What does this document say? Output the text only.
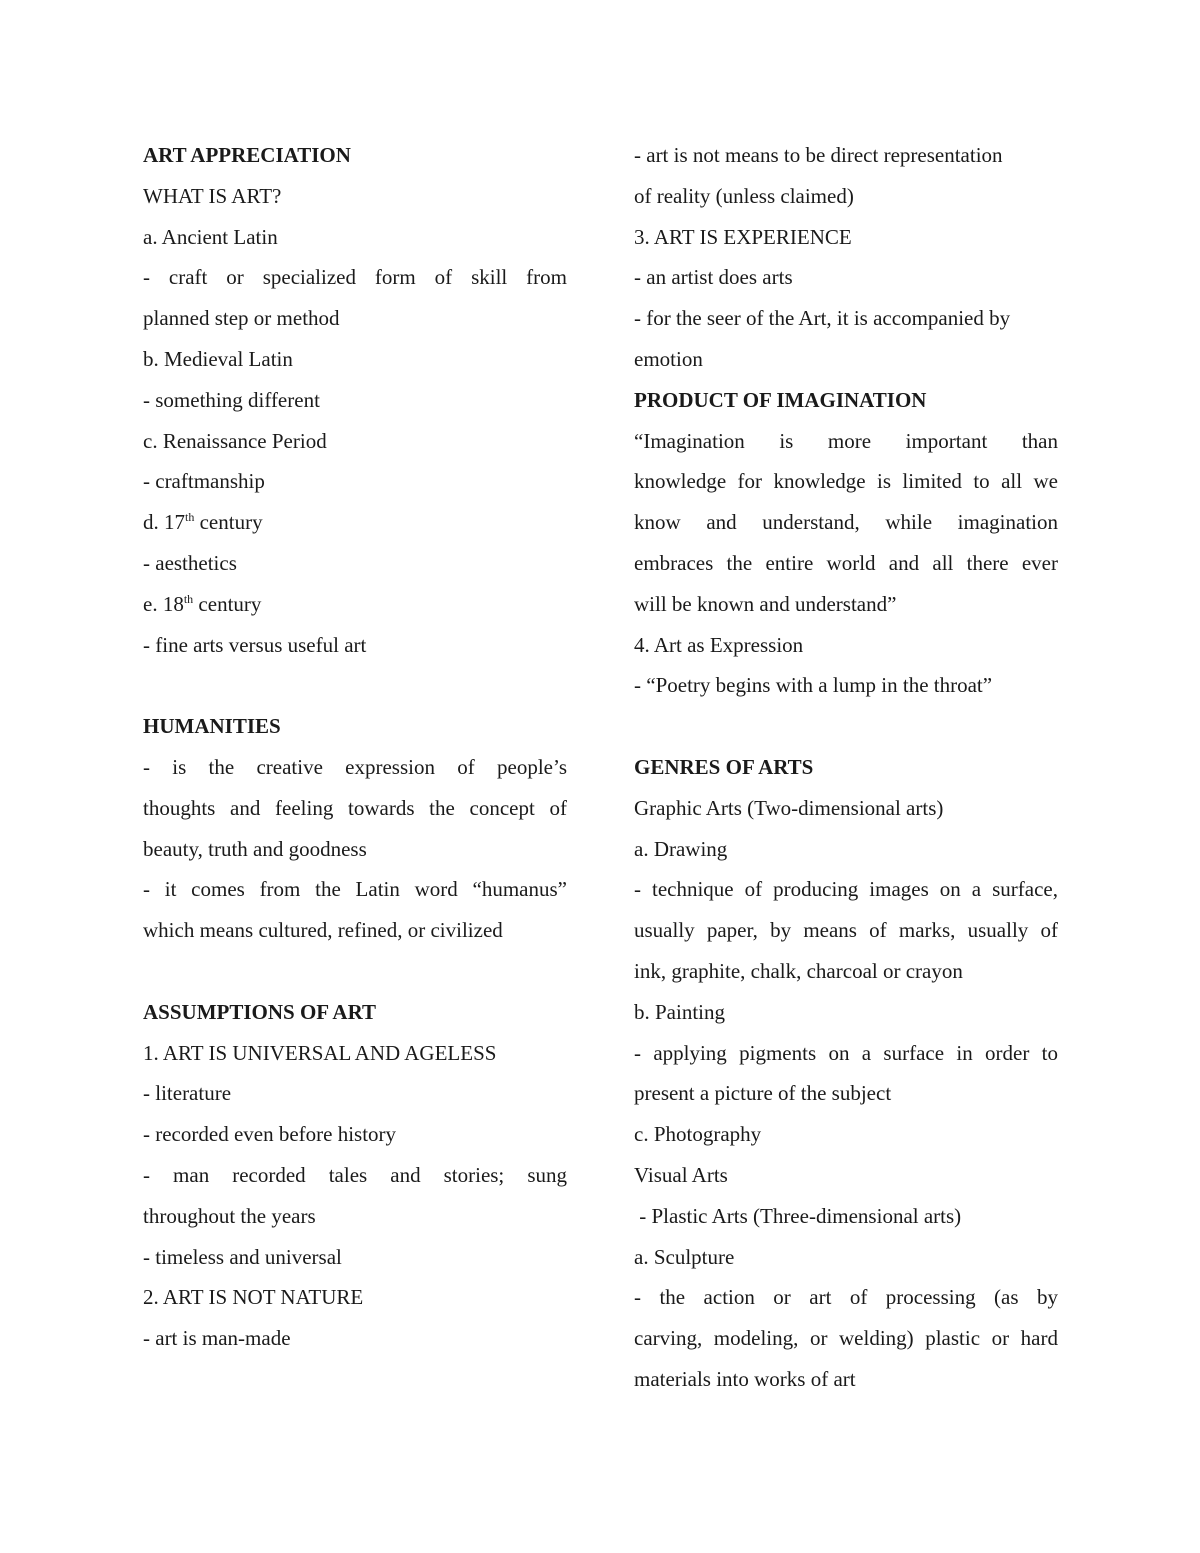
ART APPRECIATION
WHAT IS ART?
a. Ancient Latin
- craft or specialized form of skill from
planned step or method
b. Medieval Latin
- something different
c. Renaissance Period
- craftmanship
d. 17th century
- aesthetics
e. 18th century
- fine arts versus useful art
HUMANITIES
- is the creative expression of people’s
thoughts and feeling towards the concept of
beauty, truth and goodness
- it comes from the Latin word “humanus”
which means cultured, refined, or civilized
ASSUMPTIONS OF ART
1. ART IS UNIVERSAL AND AGELESS
- literature
- recorded even before history
- man recorded tales and stories; sung
throughout the years
- timeless and universal
2. ART IS NOT NATURE
- art is man-made
- art is not means to be direct representation
of reality (unless claimed)
3. ART IS EXPERIENCE
- an artist does arts
- for the seer of the Art, it is accompanied by
emotion
PRODUCT OF IMAGINATION
“Imagination is more important than
knowledge for knowledge is limited to all we
know and understand, while imagination
embraces the entire world and all there ever
will be known and understand”
4. Art as Expression
- “Poetry begins with a lump in the throat”
GENRES OF ARTS
Graphic Arts (Two-dimensional arts)
a. Drawing
- technique of producing images on a surface,
usually paper, by means of marks, usually of
ink, graphite, chalk, charcoal or crayon
b. Painting
- applying pigments on a surface in order to
present a picture of the subject
c. Photography
Visual Arts
- Plastic Arts (Three-dimensional arts)
a. Sculpture
- the action or art of processing (as by
carving, modeling, or welding) plastic or hard
materials into works of art
